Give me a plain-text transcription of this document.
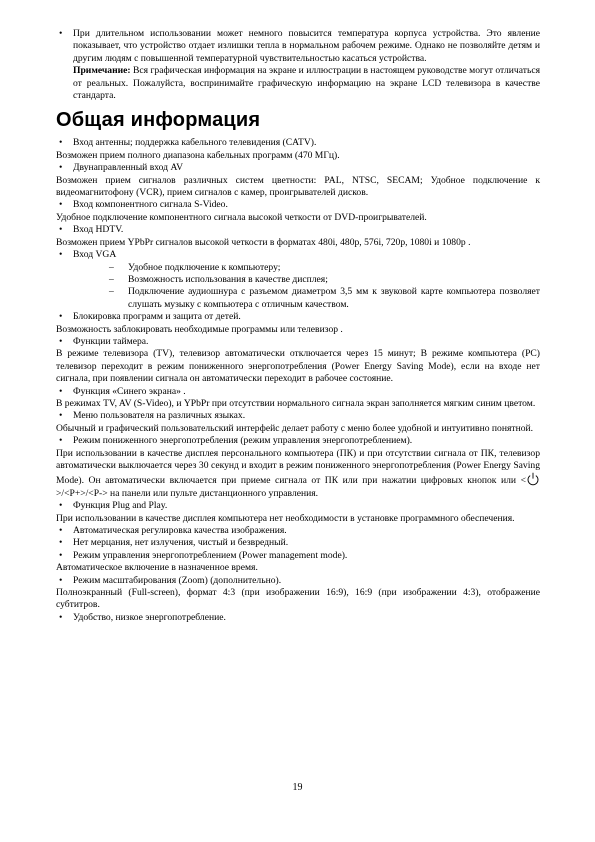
• При длительном использовании может немного повысится температура корпуса устройства. Это явление показывает, что устройство отдает излишки тепла в нормальном рабочем режиме. Однако не позволяйте детям и другим людям с повышенной температурной чувствительностью касаться устройства.

Примечание: Вся графическая информация на экране и иллюстрации в настоящем руководстве могут отличаться от реальных. Пожалуйста, воспринимайте графическую информацию на экране LCD телевизора в качестве стандарта.

Общая информация

• Вход антенны; поддержка кабельного телевидения (CATV).

Возможен прием полного диапазона кабельных программ (470 МГц).

• Двунаправленный вход AV

Возможен прием сигналов различных систем цветности: PAL, NTSC, SECAM; Удобное подключение к видеомагнитофону (VCR), прием сигналов с камер, проигрывателей дисков.

• Вход компонентного сигнала S-Video.

Удобное подключение компонентного сигнала высокой четкости от DVD-проигрывателей.

• Вход HDTV.

Возможен прием YPbPr сигналов высокой четкости в форматах 480i, 480p, 576i, 720p, 1080i и 1080p .

• Вход VGA

– Удобное подключение к компьютеру;

– Возможность использования в качестве дисплея;

– Подключение аудиошнура с разъемом диаметром 3,5 мм к звуковой карте компьютера позволяет слушать музыку с компьютера с отличным качеством.

• Блокировка программ и защита от детей.

Возможность заблокировать необходимые программы или телевизор .

• Функции таймера.

В режиме телевизора (TV), телевизор автоматически отключается через 15 минут; В режиме компьютера (PC) телевизор переходит в режим пониженного энергопотребления (Power Energy Saving Mode), если на входе нет сигнала, при появлении сигнала он автоматически переходит в рабочее состояние.

• Функция «Синего экрана» .

В режимах TV, AV (S-Video), и YPbPr при отсутствии нормального сигнала экран заполняется мягким синим цветом.

• Меню пользователя на различных языках.

Обычный и графический пользовательский интерфейс делает работу с меню более удобной и интуитивно понятной.

• Режим пониженного энергопотребления (режим управления энергопотреблением).

При использовании в качестве дисплея персонального компьютера (ПК) и при отсутствии сигнала от ПК, телевизор автоматически выключается через 30 секунд и входит в режим пониженного энергопотребления (Power Energy Saving Mode). Он автоматически включается при приеме сигнала от ПК или при нажатии цифровых кнопок или <>/<P+>/<P-> на панели или пульте дистанционного управления.

• Функция Plug and Play.

При использовании в качестве дисплея компьютера нет необходимости в установке программного обеспечения.

• Автоматическая регулировка качества изображения.

• Нет мерцания, нет излучения, чистый и безвредный.

• Режим управления энергопотреблением (Power management mode).

Автоматическое включение в назначенное время.

• Режим масштабирования (Zoom) (дополнительно).

Полноэкранный (Full-screen), формат 4:3 (при изображении 16:9), 16:9 (при изображении 4:3), отображение субтитров.

• Удобство, низкое энергопотребление.

19
